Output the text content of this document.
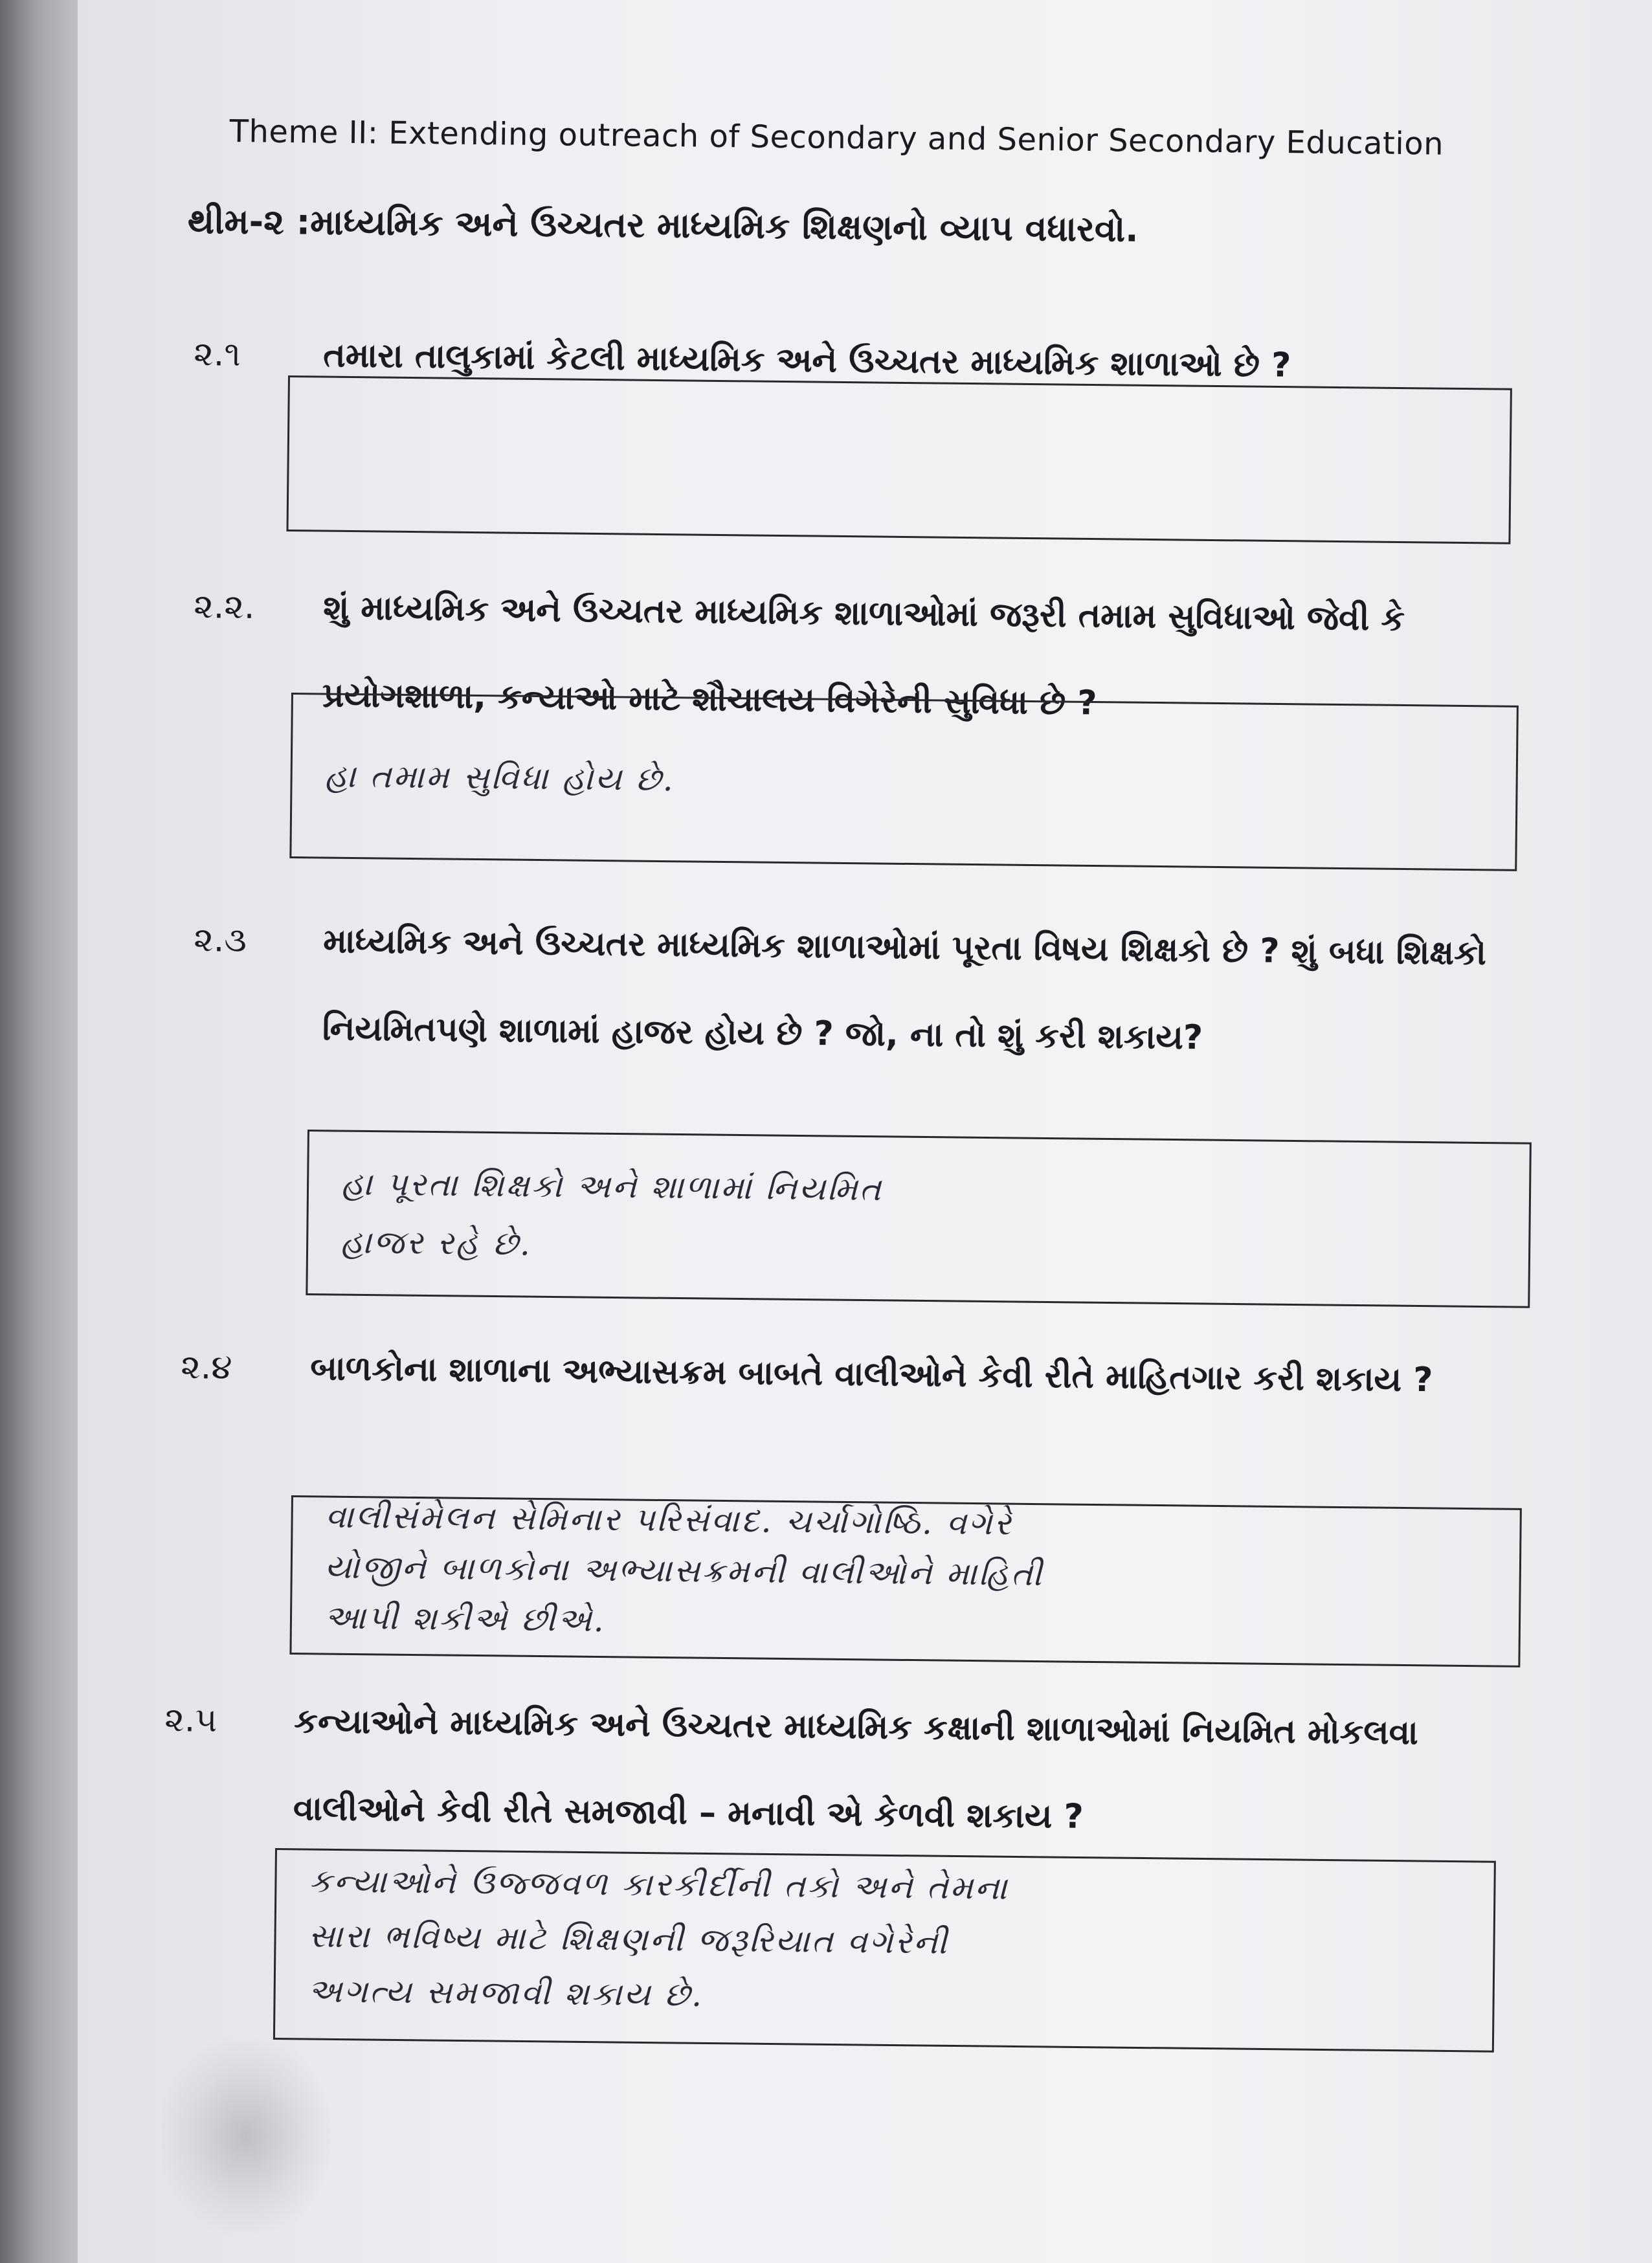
Theme II: Extending outreach of Secondary and Senior Secondary Education
થીમ-૨ :માધ્યમિક અને ઉચ્ચતર માધ્યમિક શિક્ષણનો વ્યાપ વધારવો.
૨.૧ તમારા તાલુકામાં કેટલી માધ્યમિક અને ઉચ્ચતર માધ્યમિક શાળાઓ છે ?
૨.૨. શું માધ્યમિક અને ઉચ્ચતર માધ્યમિક શાળાઓમાં જરૂરી તમામ સુવિધાઓ જેવી કે પ્રયોગશાળા, કન્યાઓ માટે શૌચાલય વિગેરેની સુવિધા છે ?
હા તમામ સુવિધા હોય છે.
૨.૩ માધ્યમિક અને ઉચ્ચતર માધ્યમિક શાળાઓમાં પૂરતા વિષય શિક્ષકો છે ? શું બધા શિક્ષકો નિયમિતપણે શાળામાં હાજર હોય છે ? જો, ના તો શું કરી શકાય?
હા પૂરતા શિક્ષકો અને શાળામાં નિયમિત
હાજર રહે છે.
૨.૪ બાળકોના શાળાના અભ્યાસક્રમ બાબતે વાલીઓને કેવી રીતે માહિતગાર કરી શકાય ?
વાલીસંમેલન સેમિનાર પરિસંવાદ. ચર્ચાગોષ્ઠિ. વગેરે
યોજીને બાળકોના અભ્યાસક્રમની વાલીઓને માહિતી
આપી શકીએ છીએ.
૨.૫ કન્યાઓને માધ્યમિક અને ઉચ્ચતર માધ્યમિક કક્ષાની શાળાઓમાં નિયમિત મોકલવા વાલીઓને કેવી રીતે સમજાવી – મનાવી એ કેળવી શકાય ?
કન્યાઓને ઉજ્જવળ કારકીર્દીની તકો અને તેમના
સારા ભવિષ્ય માટે શિક્ષણની જરૂરિયાત વગેરેની
અગત્ય સમજાવી શકાય છે.
